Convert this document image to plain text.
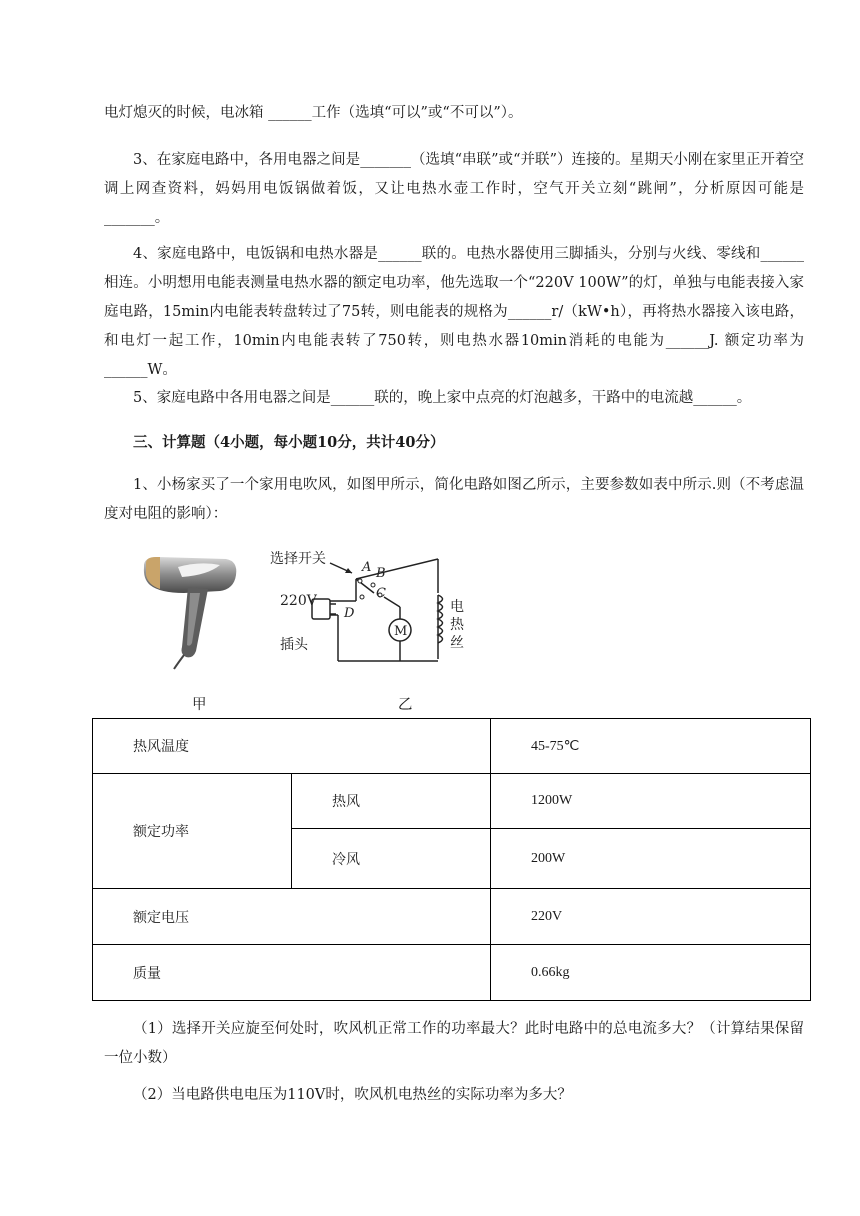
电灯熄灭的时候，电冰箱 ______工作（选填“可以”或“不可以”）。

3、在家庭电路中，各用电器之间是_______（选填“串联”或“并联”）连接的。星期天小刚在家里正开着空调上网查资料，妈妈用电饭锅做着饭，又让电热水壶工作时，空气开关立刻“跳闸”，分析原因可能是_______。

4、家庭电路中，电饭锅和电热水器是______联的。电热水器使用三脚插头，分别与火线、零线和______相连。小明想用电能表测量电热水器的额定电功率，他先选取一个“220V 100W”的灯，单独与电能表接入家庭电路，15min内电能表转盘转过了75转，则电能表的规格为______r/（kW•h），再将热水器接入该电路，和电灯一起工作，10min内电能表转了750转，则电热水器10min消耗的电能为______J. 额定功率为______W。

5、家庭电路中各用电器之间是______联的，晚上家中点亮的灯泡越多，干路中的电流越______。

三、计算题（4小题，每小题10分，共计40分）

1、小杨家买了一个家用电吹风，如图甲所示，简化电路如图乙所示，主要参数如表中所示.则（不考虑温度对电阻的影响）：

选择开关
A B
C
D
220V
插头
M
电 热 丝
甲	乙
热风温度		45-75℃
额定功率	热风	1200W
	冷风	200W
额定电压		220V
质量		0.66kg

（1）选择开关应旋至何处时，吹风机正常工作的功率最大？此时电路中的总电流多大？（计算结果保留一位小数）

（2）当电路供电电压为110V时，吹风机电热丝的实际功率为多大？
